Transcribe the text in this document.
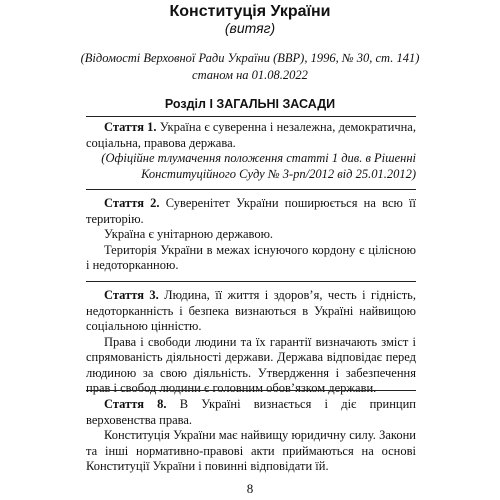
Конституція України
(витяг)
(Відомості Верховної Ради України (ВВР), 1996, № 30, ст. 141)
станом на 01.08.2022
Розділ І ЗАГАЛЬНІ ЗАСАДИ

Стаття 1. Україна є суверенна і незалежна, демократична, соціальна, правова держава.

(Офіційне тлумачення положення статті 1 див. в Рішенні Конституційного Суду № 3-рп/2012 від 25.01.2012)

Стаття 2. Суверенітет України поширюється на всю її територію.

Україна є унітарною державою.

Територія України в межах існуючого кордону є цілісною і недоторканною.

Стаття 3. Людина, її життя і здоров’я, честь і гідність, недоторканність і безпека визнаються в Україні найвищою соціальною цінністю.

Права і свободи людини та їх гарантії визначають зміст і спрямованість діяльності держави. Держава відповідає перед людиною за свою діяльність. Утвердження і забезпечення прав і свобод людини є головним обов’язком держави.

Стаття 8. В Україні визнається і діє принцип верховенства права.

Конституція України має найвищу юридичну силу. Закони та інші нормативно-правові акти приймаються на основі Конституції України і повинні відповідати їй.

8
